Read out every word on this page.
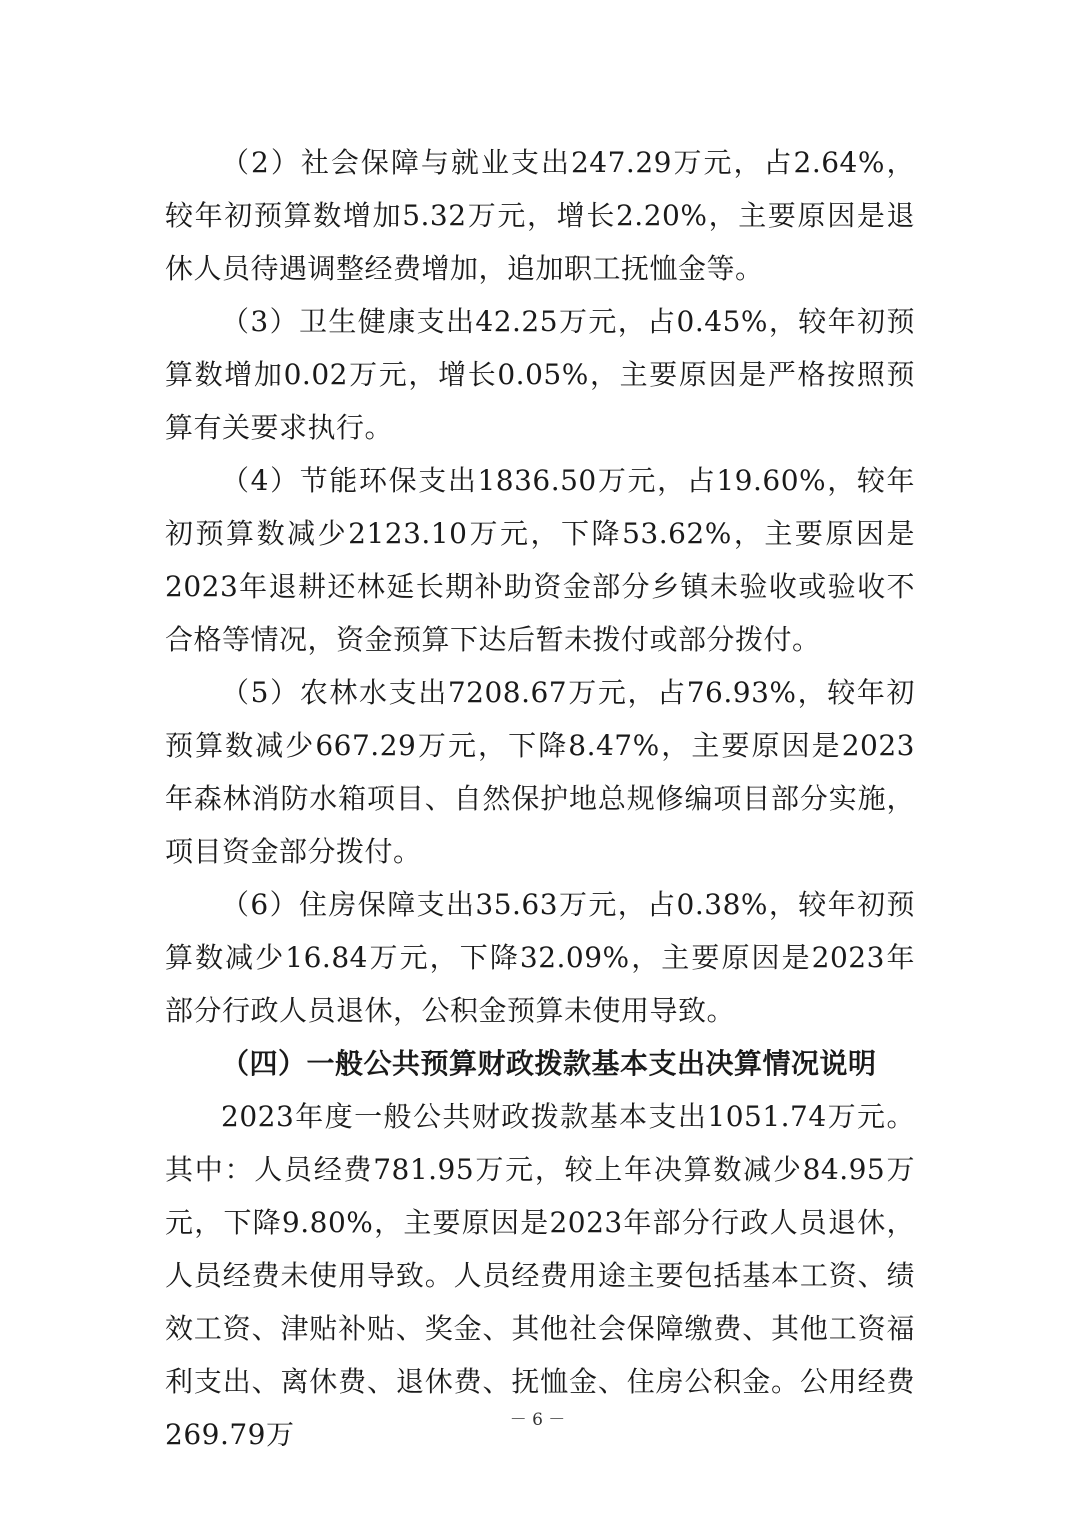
（2）社会保障与就业支出247.29万元，占2.64%，较年初预算数增加5.32万元，增长2.20%，主要原因是退休人员待遇调整经费增加，追加职工抚恤金等。

（3）卫生健康支出42.25万元，占0.45%，较年初预算数增加0.02万元，增长0.05%，主要原因是严格按照预算有关要求执行。

（4）节能环保支出1836.50万元，占19.60%，较年初预算数减少2123.10万元，下降53.62%，主要原因是2023年退耕还林延长期补助资金部分乡镇未验收或验收不合格等情况，资金预算下达后暂未拨付或部分拨付。

（5）农林水支出7208.67万元，占76.93%，较年初预算数减少667.29万元，下降8.47%，主要原因是2023年森林消防水箱项目、自然保护地总规修编项目部分实施，项目资金部分拨付。

（6）住房保障支出35.63万元，占0.38%，较年初预算数减少16.84万元，下降32.09%，主要原因是2023年部分行政人员退休，公积金预算未使用导致。

（四）一般公共预算财政拨款基本支出决算情况说明

2023年度一般公共财政拨款基本支出1051.74万元。其中：人员经费781.95万元，较上年决算数减少84.95万元，下降9.80%，主要原因是2023年部分行政人员退休，人员经费未使用导致。人员经费用途主要包括基本工资、绩效工资、津贴补贴、奖金、其他社会保障缴费、其他工资福利支出、离休费、退休费、抚恤金、住房公积金。公用经费269.79万	－ 6 －
